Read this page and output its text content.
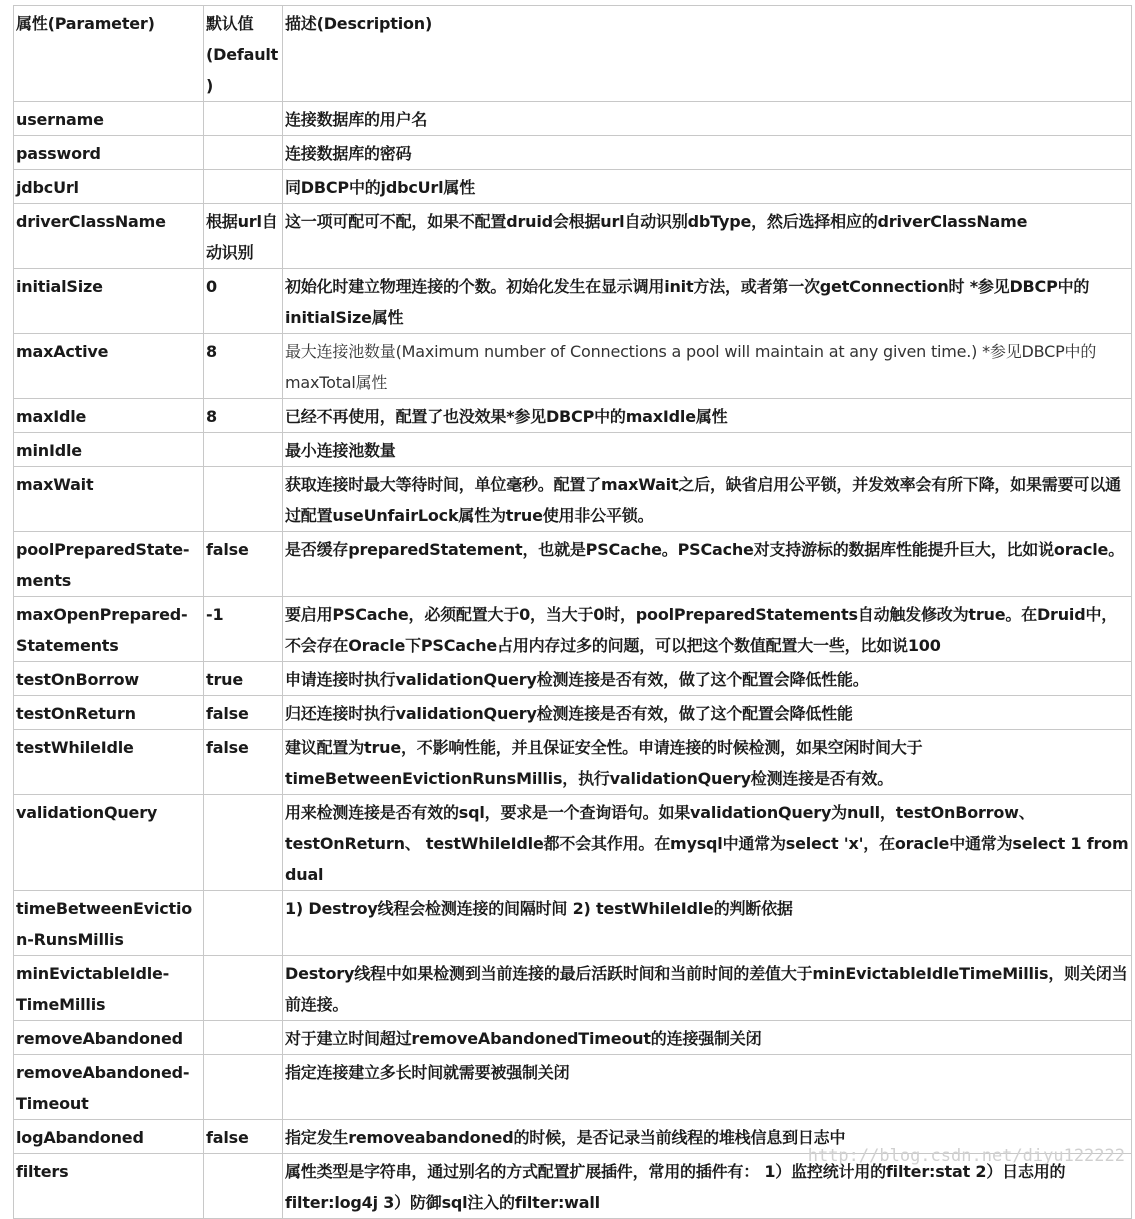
属性(Parameter)	默认值(Default)	描述(Description)
username		连接数据库的用户名
password		连接数据库的密码
jdbcUrl		同DBCP中的jdbcUrl属性
driverClassName	根据url自动识别	这一项可配可不配，如果不配置druid会根据url自动识别dbType，然后选择相应的driverClassName
initialSize	0	初始化时建立物理连接的个数。初始化发生在显示调用init方法，或者第一次getConnection时 *参见DBCP中的initialSize属性
maxActive	8	最大连接池数量(Maximum number of Connections a pool will maintain at any given time.) *参见DBCP中的maxTotal属性
maxIdle	8	已经不再使用，配置了也没效果*参见DBCP中的maxIdle属性
minIdle		最小连接池数量
maxWait		获取连接时最大等待时间，单位毫秒。配置了maxWait之后，缺省启用公平锁，并发效率会有所下降，如果需要可以通过配置useUnfairLock属性为true使用非公平锁。
poolPreparedState-ments	false	是否缓存preparedStatement，也就是PSCache。PSCache对支持游标的数据库性能提升巨大，比如说oracle。
maxOpenPrepared-Statements	-1	要启用PSCache，必须配置大于0，当大于0时，poolPreparedStatements自动触发修改为true。在Druid中，不会存在Oracle下PSCache占用内存过多的问题，可以把这个数值配置大一些，比如说100
testOnBorrow	true	申请连接时执行validationQuery检测连接是否有效，做了这个配置会降低性能。
testOnReturn	false	归还连接时执行validationQuery检测连接是否有效，做了这个配置会降低性能
testWhileIdle	false	建议配置为true，不影响性能，并且保证安全性。申请连接的时候检测，如果空闲时间大于timeBetweenEvictionRunsMillis，执行validationQuery检测连接是否有效。
validationQuery		用来检测连接是否有效的sql，要求是一个查询语句。如果validationQuery为null，testOnBorrow、testOnReturn、 testWhileIdle都不会其作用。在mysql中通常为select 'x'，在oracle中通常为select 1 from dual
timeBetweenEviction-RunsMillis		1) Destroy线程会检测连接的间隔时间 2) testWhileIdle的判断依据
minEvictableIdle-TimeMillis		Destory线程中如果检测到当前连接的最后活跃时间和当前时间的差值大于minEvictableIdleTimeMillis，则关闭当前连接。
removeAbandoned		对于建立时间超过removeAbandonedTimeout的连接强制关闭
removeAbandoned-Timeout		指定连接建立多长时间就需要被强制关闭
logAbandoned	false	指定发生removeabandoned的时候，是否记录当前线程的堆栈信息到日志中
filters		属性类型是字符串，通过别名的方式配置扩展插件，常用的插件有： 1）监控统计用的filter:stat 2）日志用的filter:log4j 3）防御sql注入的filter:wall
http://blog.csdn.net/diyu122222
